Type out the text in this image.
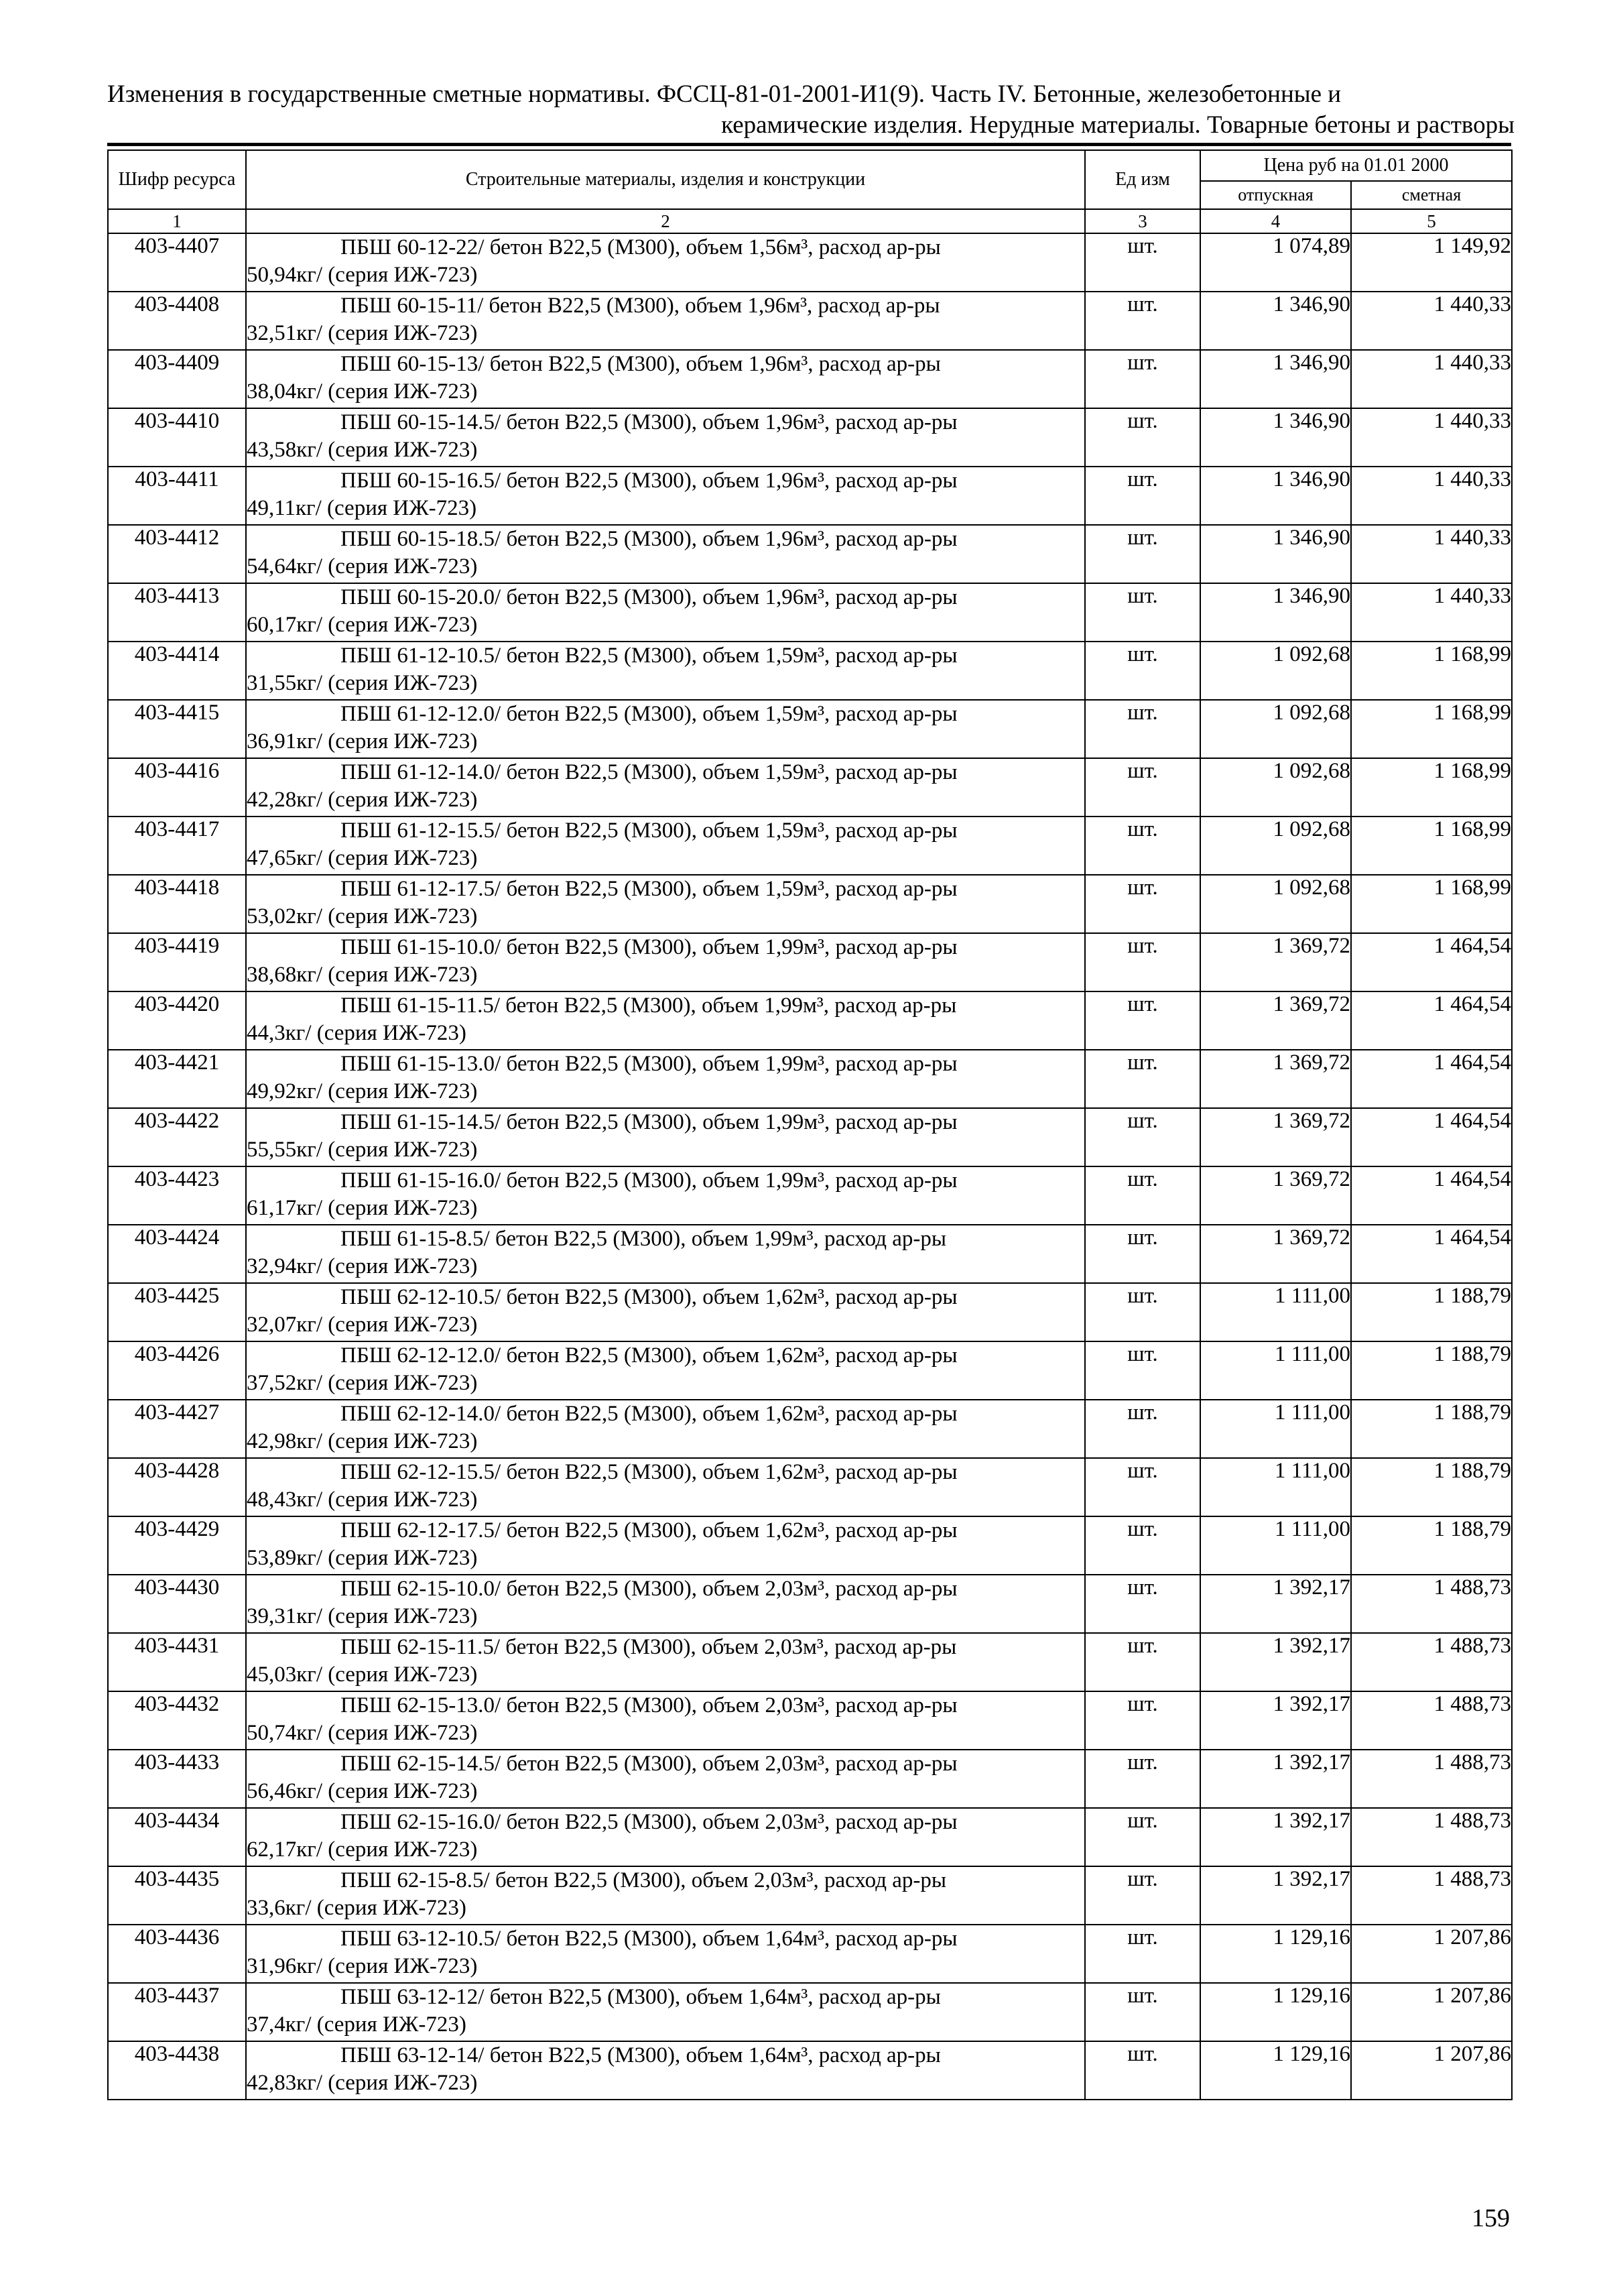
Изменения в государственные сметные нормативы. ФССЦ-81-01-2001-И1(9). Часть IV. Бетонные, железобетонные и
керамические изделия. Нерудные материалы. Товарные бетоны и растворы
Шифр ресурса	Строительные материалы, изделия и конструкции	Ед изм	Цена руб на 01.01 2000	
			отпускная	сметная
1	2	3	4	5
403-4407	ПБШ 60-12-22/ бетон В22,5 (М300), объем 1,56м³, расход ар-ры
50,94кг/ (серия ИЖ-723)	шт.	1 074,89	1 149,92
403-4408	ПБШ 60-15-11/ бетон В22,5 (М300), объем 1,96м³, расход ар-ры
32,51кг/ (серия ИЖ-723)	шт.	1 346,90	1 440,33
403-4409	ПБШ 60-15-13/ бетон В22,5 (М300), объем 1,96м³, расход ар-ры
38,04кг/ (серия ИЖ-723)	шт.	1 346,90	1 440,33
403-4410	ПБШ 60-15-14.5/ бетон В22,5 (М300), объем 1,96м³, расход ар-ры
43,58кг/ (серия ИЖ-723)	шт.	1 346,90	1 440,33
403-4411	ПБШ 60-15-16.5/ бетон В22,5 (М300), объем 1,96м³, расход ар-ры
49,11кг/ (серия ИЖ-723)	шт.	1 346,90	1 440,33
403-4412	ПБШ 60-15-18.5/ бетон В22,5 (М300), объем 1,96м³, расход ар-ры
54,64кг/ (серия ИЖ-723)	шт.	1 346,90	1 440,33
403-4413	ПБШ 60-15-20.0/ бетон В22,5 (М300), объем 1,96м³, расход ар-ры
60,17кг/ (серия ИЖ-723)	шт.	1 346,90	1 440,33
403-4414	ПБШ 61-12-10.5/ бетон В22,5 (М300), объем 1,59м³, расход ар-ры
31,55кг/ (серия ИЖ-723)	шт.	1 092,68	1 168,99
403-4415	ПБШ 61-12-12.0/ бетон В22,5 (М300), объем 1,59м³, расход ар-ры
36,91кг/ (серия ИЖ-723)	шт.	1 092,68	1 168,99
403-4416	ПБШ 61-12-14.0/ бетон В22,5 (М300), объем 1,59м³, расход ар-ры
42,28кг/ (серия ИЖ-723)	шт.	1 092,68	1 168,99
403-4417	ПБШ 61-12-15.5/ бетон В22,5 (М300), объем 1,59м³, расход ар-ры
47,65кг/ (серия ИЖ-723)	шт.	1 092,68	1 168,99
403-4418	ПБШ 61-12-17.5/ бетон В22,5 (М300), объем 1,59м³, расход ар-ры
53,02кг/ (серия ИЖ-723)	шт.	1 092,68	1 168,99
403-4419	ПБШ 61-15-10.0/ бетон В22,5 (М300), объем 1,99м³, расход ар-ры
38,68кг/ (серия ИЖ-723)	шт.	1 369,72	1 464,54
403-4420	ПБШ 61-15-11.5/ бетон В22,5 (М300), объем 1,99м³, расход ар-ры
44,3кг/ (серия ИЖ-723)	шт.	1 369,72	1 464,54
403-4421	ПБШ 61-15-13.0/ бетон В22,5 (М300), объем 1,99м³, расход ар-ры
49,92кг/ (серия ИЖ-723)	шт.	1 369,72	1 464,54
403-4422	ПБШ 61-15-14.5/ бетон В22,5 (М300), объем 1,99м³, расход ар-ры
55,55кг/ (серия ИЖ-723)	шт.	1 369,72	1 464,54
403-4423	ПБШ 61-15-16.0/ бетон В22,5 (М300), объем 1,99м³, расход ар-ры
61,17кг/ (серия ИЖ-723)	шт.	1 369,72	1 464,54
403-4424	ПБШ 61-15-8.5/ бетон В22,5 (М300), объем 1,99м³, расход ар-ры
32,94кг/ (серия ИЖ-723)	шт.	1 369,72	1 464,54
403-4425	ПБШ 62-12-10.5/ бетон В22,5 (М300), объем 1,62м³, расход ар-ры
32,07кг/ (серия ИЖ-723)	шт.	1 111,00	1 188,79
403-4426	ПБШ 62-12-12.0/ бетон В22,5 (М300), объем 1,62м³, расход ар-ры
37,52кг/ (серия ИЖ-723)	шт.	1 111,00	1 188,79
403-4427	ПБШ 62-12-14.0/ бетон В22,5 (М300), объем 1,62м³, расход ар-ры
42,98кг/ (серия ИЖ-723)	шт.	1 111,00	1 188,79
403-4428	ПБШ 62-12-15.5/ бетон В22,5 (М300), объем 1,62м³, расход ар-ры
48,43кг/ (серия ИЖ-723)	шт.	1 111,00	1 188,79
403-4429	ПБШ 62-12-17.5/ бетон В22,5 (М300), объем 1,62м³, расход ар-ры
53,89кг/ (серия ИЖ-723)	шт.	1 111,00	1 188,79
403-4430	ПБШ 62-15-10.0/ бетон В22,5 (М300), объем 2,03м³, расход ар-ры
39,31кг/ (серия ИЖ-723)	шт.	1 392,17	1 488,73
403-4431	ПБШ 62-15-11.5/ бетон В22,5 (М300), объем 2,03м³, расход ар-ры
45,03кг/ (серия ИЖ-723)	шт.	1 392,17	1 488,73
403-4432	ПБШ 62-15-13.0/ бетон В22,5 (М300), объем 2,03м³, расход ар-ры
50,74кг/ (серия ИЖ-723)	шт.	1 392,17	1 488,73
403-4433	ПБШ 62-15-14.5/ бетон В22,5 (М300), объем 2,03м³, расход ар-ры
56,46кг/ (серия ИЖ-723)	шт.	1 392,17	1 488,73
403-4434	ПБШ 62-15-16.0/ бетон В22,5 (М300), объем 2,03м³, расход ар-ры
62,17кг/ (серия ИЖ-723)	шт.	1 392,17	1 488,73
403-4435	ПБШ 62-15-8.5/ бетон В22,5 (М300), объем 2,03м³, расход ар-ры
33,6кг/ (серия ИЖ-723)	шт.	1 392,17	1 488,73
403-4436	ПБШ 63-12-10.5/ бетон В22,5 (М300), объем 1,64м³, расход ар-ры
31,96кг/ (серия ИЖ-723)	шт.	1 129,16	1 207,86
403-4437	ПБШ 63-12-12/ бетон В22,5 (М300), объем 1,64м³, расход ар-ры
37,4кг/ (серия ИЖ-723)	шт.	1 129,16	1 207,86
403-4438	ПБШ 63-12-14/ бетон В22,5 (М300), объем 1,64м³, расход ар-ры
42,83кг/ (серия ИЖ-723)	шт.	1 129,16	1 207,86
159
